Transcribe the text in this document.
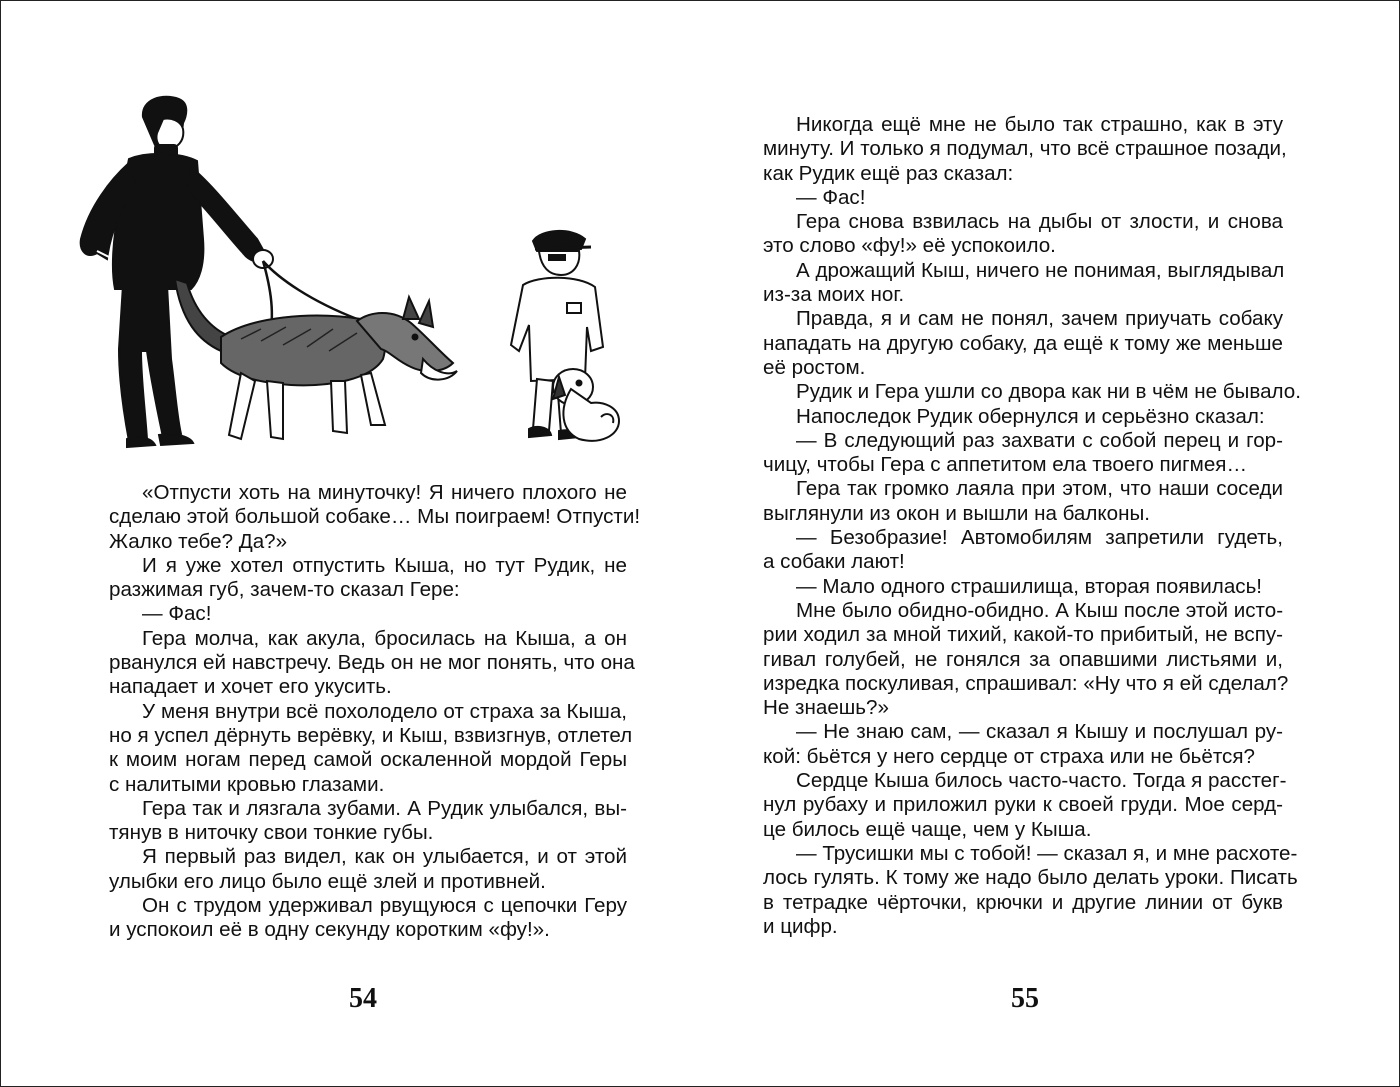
«Отпусти хоть на минуточку! Я ничего плохого не
сделаю этой большой собаке… Мы поиграем! Отпусти!
Жалко тебе? Да?»
И я уже хотел отпустить Кыша, но тут Рудик, не
разжимая губ, зачем-то сказал Гере:
— Фас!
Гера молча, как акула, бросилась на Кыша, а он
рванулся ей навстречу. Ведь он не мог понять, что она
нападает и хочет его укусить.
У меня внутри всё похолодело от страха за Кыша,
но я успел дёрнуть верёвку, и Кыш, взвизгнув, отлетел
к моим ногам перед самой оскаленной мордой Геры
с налитыми кровью глазами.
Гера так и лязгала зубами. А Рудик улыбался, вы-
тянув в ниточку свои тонкие губы.
Я первый раз видел, как он улыбается, и от этой
улыбки его лицо было ещё злей и противней.
Он с трудом удерживал рвущуюся с цепочки Геру
и успокоил её в одну секунду коротким «фу!».
54
Никогда ещё мне не было так страшно, как в эту
минуту. И только я подумал, что всё страшное позади,
как Рудик ещё раз сказал:
— Фас!
Гера снова взвилась на дыбы от злости, и снова
это слово «фу!» её успокоило.
А дрожащий Кыш, ничего не понимая, выглядывал
из-за моих ног.
Правда, я и сам не понял, зачем приучать собаку
нападать на другую собаку, да ещё к тому же меньше
её ростом.
Рудик и Гера ушли со двора как ни в чём не бывало.
Напоследок Рудик обернулся и серьёзно сказал:
— В следующий раз захвати с собой перец и гор-
чицу, чтобы Гера с аппетитом ела твоего пигмея…
Гера так громко лаяла при этом, что наши соседи
выглянули из окон и вышли на балконы.
— Безобразие! Автомобилям запретили гудеть,
а собаки лают!
— Мало одного страшилища, вторая появилась!
Мне было обидно-обидно. А Кыш после этой исто-
рии ходил за мной тихий, какой-то прибитый, не вспу-
гивал голубей, не гонялся за опавшими листьями и,
изредка поскуливая, спрашивал: «Ну что я ей сделал?
Не знаешь?»
— Не знаю сам, — сказал я Кышу и послушал ру-
кой: бьётся у него сердце от страха или не бьётся?
Сердце Кыша билось часто-часто. Тогда я расстег-
нул рубаху и приложил руки к своей груди. Мое серд-
це билось ещё чаще, чем у Кыша.
— Трусишки мы с тобой! — сказал я, и мне расхоте-
лось гулять. К тому же надо было делать уроки. Писать
в тетрадке чёрточки, крючки и другие линии от букв
и цифр.
55
